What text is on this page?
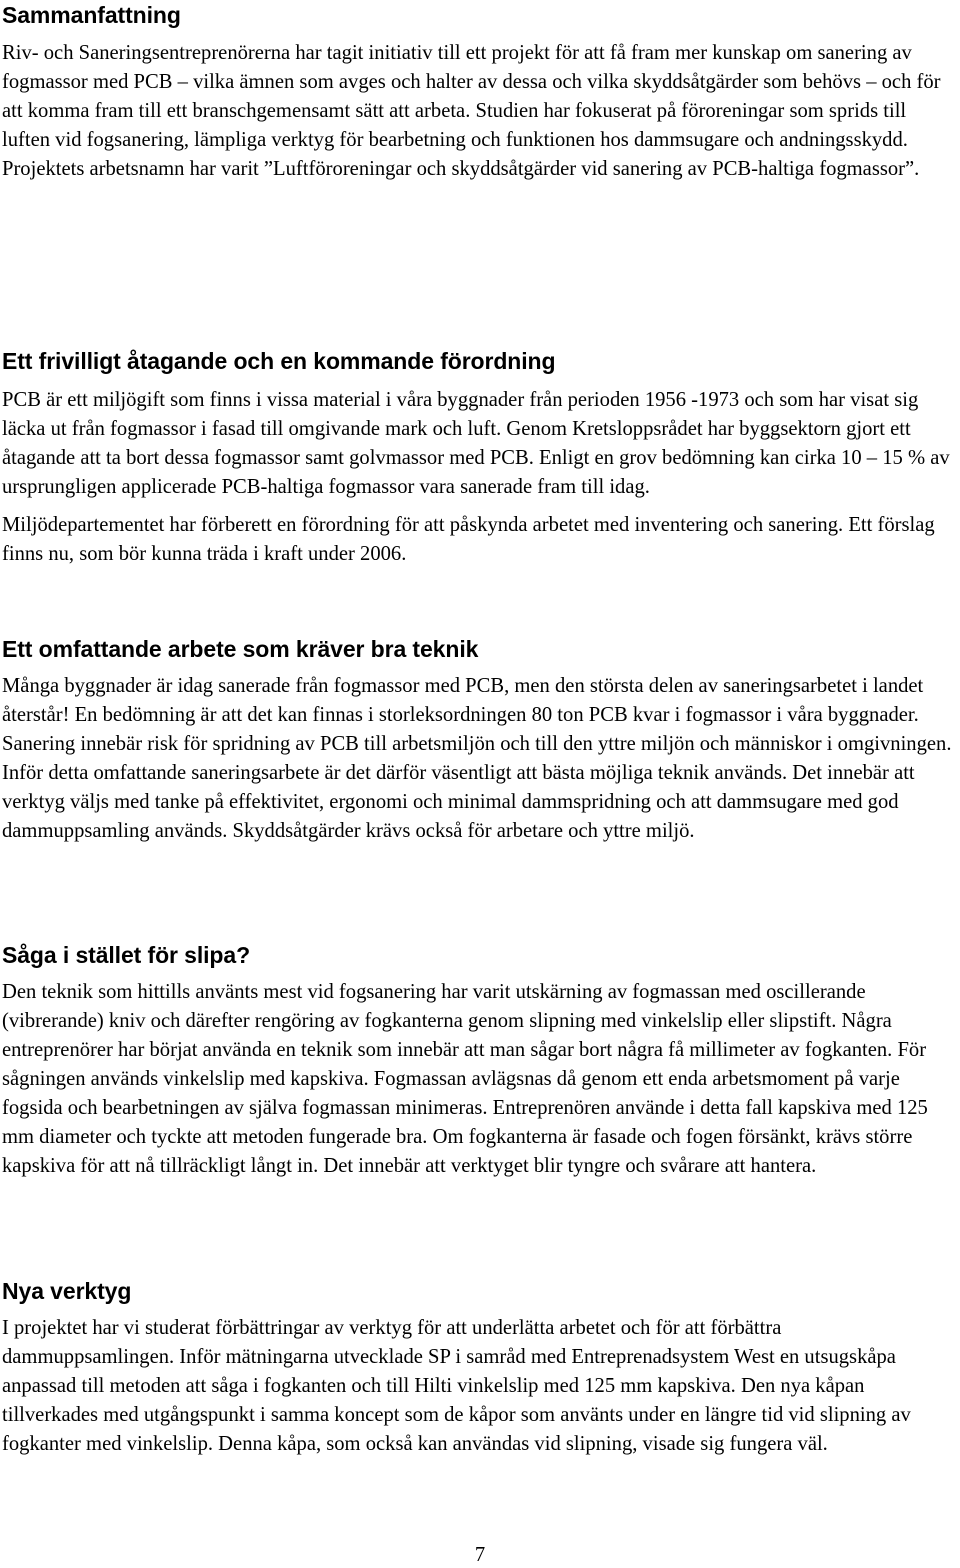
Sammanfattning

Riv- och Saneringsentreprenörerna har tagit initiativ till ett projekt för att få fram mer kunskap om sanering av fogmassor med PCB – vilka ämnen som avges och halter av dessa och vilka skyddsåtgärder som behövs – och för att komma fram till ett branschgemensamt sätt att arbeta. Studien har fokuserat på föroreningar som sprids till luften vid fogsanering, lämpliga verktyg för bearbetning och funktionen hos dammsugare och andningsskydd. Projektets arbetsnamn har varit ”Luftföroreningar och skyddsåtgärder vid sanering av PCB-haltiga fogmassor”.

Ett frivilligt åtagande och en kommande förordning

PCB är ett miljögift som finns i vissa material i våra byggnader från perioden 1956 -1973 och som har visat sig läcka ut från fogmassor i fasad till omgivande mark och luft. Genom Kretsloppsrådet har byggsektorn gjort ett åtagande att ta bort dessa fogmassor samt golvmassor med PCB. Enligt en grov bedömning kan cirka 10 – 15 % av ursprungligen applicerade PCB-haltiga fogmassor vara sanerade fram till idag.

Miljödepartementet har förberett en förordning för att påskynda arbetet med inventering och sanering. Ett förslag finns nu, som bör kunna träda i kraft under 2006.

Ett omfattande arbete som kräver bra teknik

Många byggnader är idag sanerade från fogmassor med PCB, men den största delen av saneringsarbetet i landet återstår! En bedömning är att det kan finnas i storleksordningen 80 ton PCB kvar i fogmassor i våra byggnader. Sanering innebär risk för spridning av PCB till arbetsmiljön och till den yttre miljön och människor i omgivningen. Inför detta omfattande saneringsarbete är det därför väsentligt att bästa möjliga teknik används. Det innebär att verktyg väljs med tanke på effektivitet, ergonomi och minimal dammspridning och att dammsugare med god dammuppsamling används. Skyddsåtgärder krävs också för arbetare och yttre miljö.

Såga i stället för slipa?

Den teknik som hittills använts mest vid fogsanering har varit utskärning av fogmassan med oscillerande (vibrerande) kniv och därefter rengöring av fogkanterna genom slipning med vinkelslip eller slipstift. Några entreprenörer har börjat använda en teknik som innebär att man sågar bort några få millimeter av fogkanten. För sågningen används vinkelslip med kapskiva. Fogmassan avlägsnas då genom ett enda arbetsmoment på varje fogsida och bearbetningen av själva fogmassan minimeras. Entreprenören använde i detta fall kapskiva med 125 mm diameter och tyckte att metoden fungerade bra. Om fogkanterna är fasade och fogen försänkt, krävs större kapskiva för att nå tillräckligt långt in. Det innebär att verktyget blir tyngre och svårare att hantera.

Nya verktyg

I projektet har vi studerat förbättringar av verktyg för att underlätta arbetet och för att förbättra dammuppsamlingen. Inför mätningarna utvecklade SP i samråd med Entreprenadsystem West en utsugskåpa anpassad till metoden att såga i fogkanten och till Hilti vinkelslip med 125 mm kapskiva. Den nya kåpan tillverkades med utgångspunkt i samma koncept som de kåpor som använts under en längre tid vid slipning av fogkanter med vinkelslip. Denna kåpa, som också kan användas vid slipning, visade sig fungera väl.

7
